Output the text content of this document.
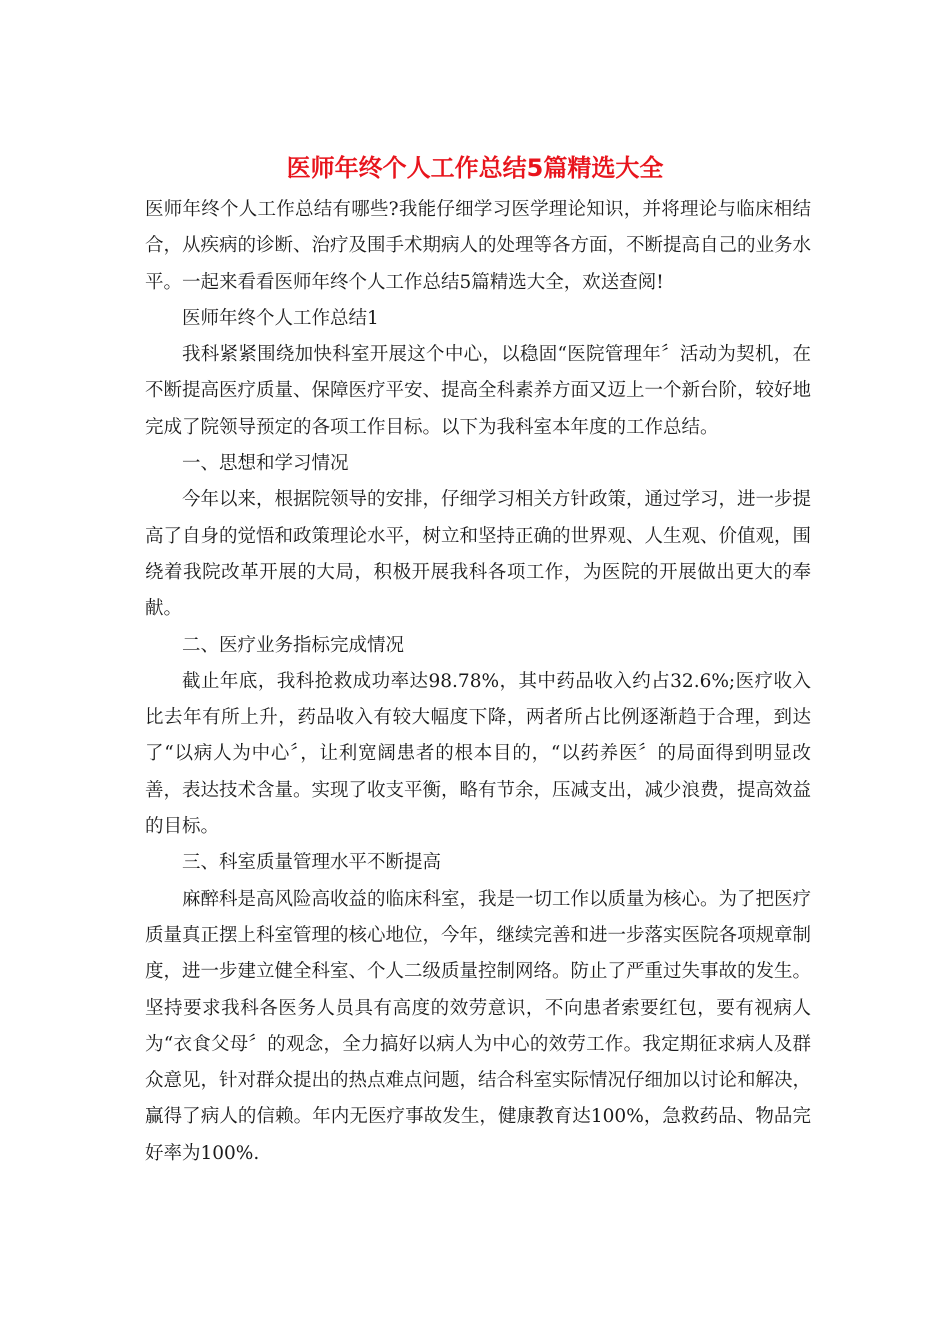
医师年终个人工作总结5篇精选大全

医师年终个人工作总结有哪些?我能仔细学习医学理论知识，并将理论与临床相结合，从疾病的诊断、治疗及围手术期病人的处理等各方面，不断提高自己的业务水平。一起来看看医师年终个人工作总结5篇精选大全，欢送查阅!

医师年终个人工作总结1

我科紧紧围绕加快科室开展这个中心，以稳固“医院管理年〞活动为契机，在不断提高医疗质量、保障医疗平安、提高全科素养方面又迈上一个新台阶，较好地完成了院领导预定的各项工作目标。以下为我科室本年度的工作总结。

一、思想和学习情况

今年以来，根据院领导的安排，仔细学习相关方针政策，通过学习，进一步提高了自身的觉悟和政策理论水平，树立和坚持正确的世界观、人生观、价值观，围绕着我院改革开展的大局，积极开展我科各项工作，为医院的开展做出更大的奉献。

二、医疗业务指标完成情况

截止年底，我科抢救成功率达98.78%，其中药品收入约占32.6%;医疗收入比去年有所上升，药品收入有较大幅度下降，两者所占比例逐渐趋于合理，到达了“以病人为中心〞，让利宽阔患者的根本目的，“以药养医〞的局面得到明显改善，表达技术含量。实现了收支平衡，略有节余，压减支出，减少浪费，提高效益的目标。

三、科室质量管理水平不断提高

麻醉科是高风险高收益的临床科室，我是一切工作以质量为核心。为了把医疗质量真正摆上科室管理的核心地位，今年，继续完善和进一步落实医院各项规章制度，进一步建立健全科室、个人二级质量控制网络。防止了严重过失事故的发生。坚持要求我科各医务人员具有高度的效劳意识，不向患者索要红包，要有视病人为“衣食父母〞的观念，全力搞好以病人为中心的效劳工作。我定期征求病人及群众意见，针对群众提出的热点难点问题，结合科室实际情况仔细加以讨论和解决，赢得了病人的信赖。年内无医疗事故发生，健康教育达100%，急救药品、物品完好率为100%.
